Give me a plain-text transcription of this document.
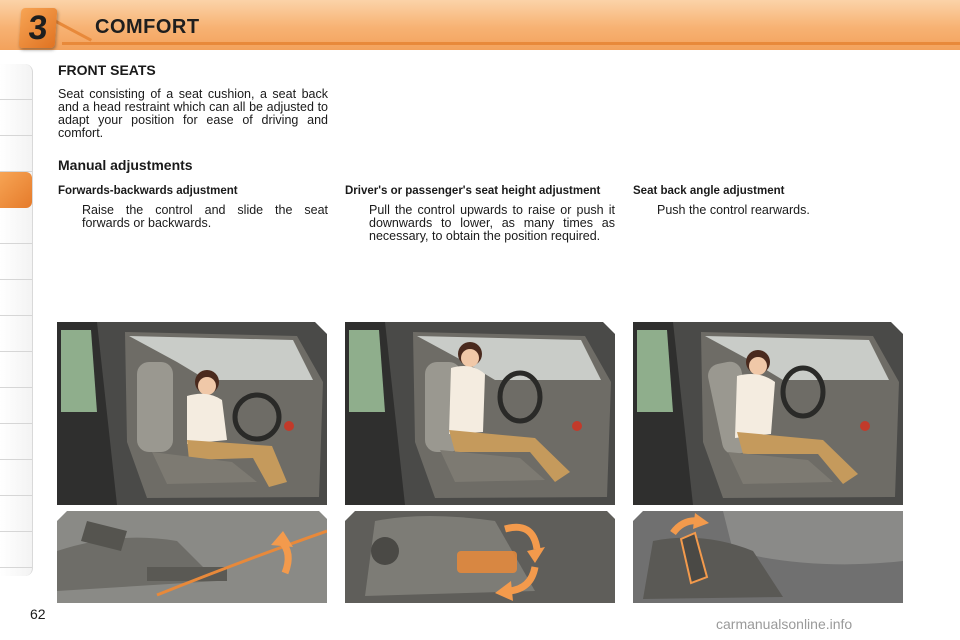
3	COMFORT
FRONT SEATS
Seat consisting of a seat cushion, a seat back and a head restraint which can all be adjusted to adapt your position for ease of driving and comfort.
Manual adjustments
Forwards-backwards adjustment
Raise the control and slide the seat forwards or backwards.
Driver's or passenger's seat height adjustment
Pull the control upwards to raise or push it downwards to lower, as many times as necessary, to obtain the position required.
Seat back angle adjustment
Push the control rearwards.
62
carmanualsonline.info
